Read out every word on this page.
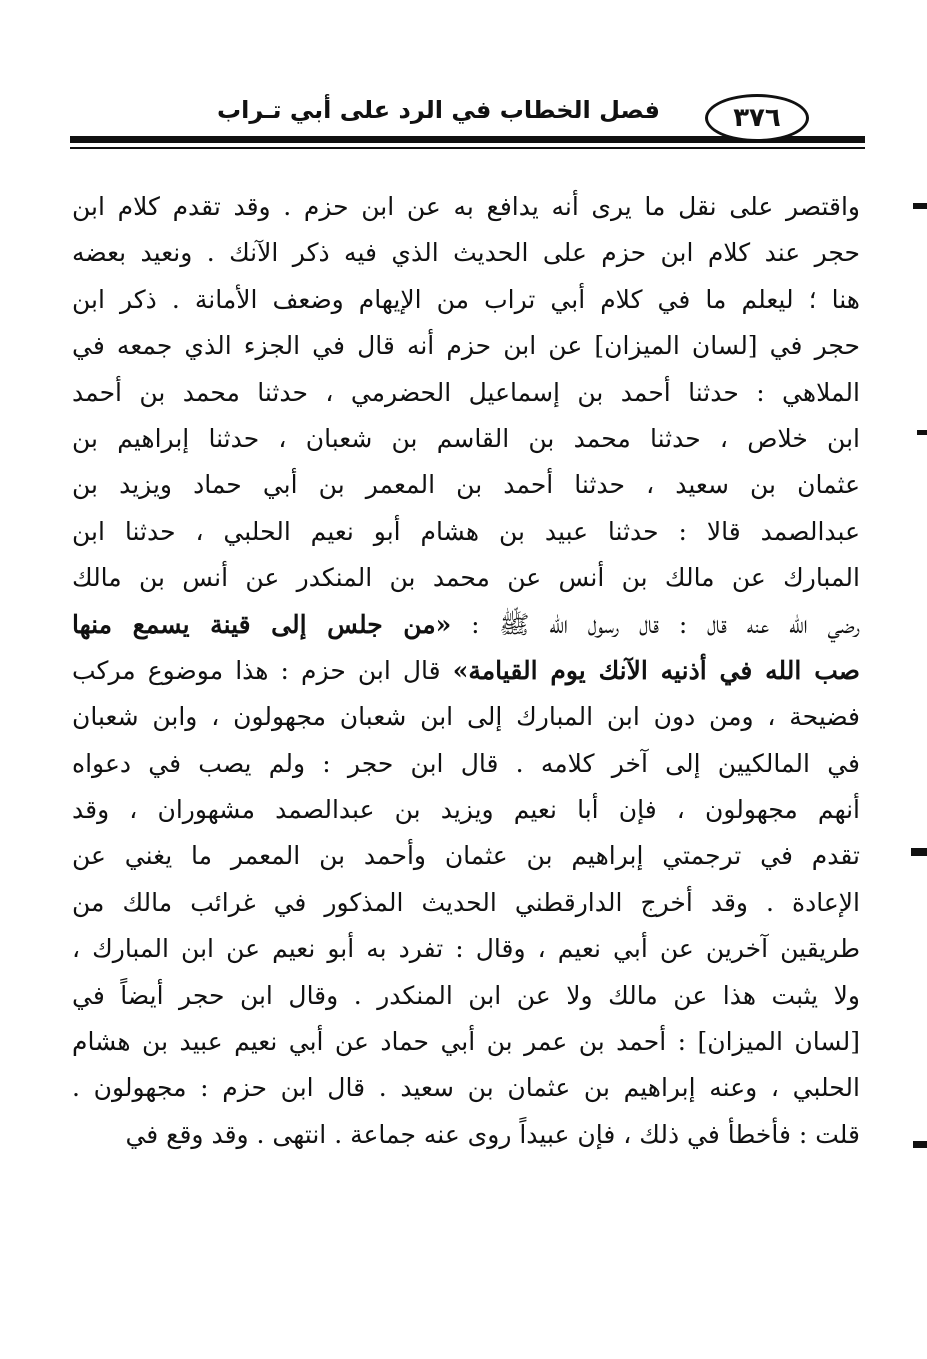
فصل الخطاب في الرد على أبي تـراب	٣٧٦
واقتصر على نقل ما يرى أنه يدافع به عن ابن حزم . وقد تقدم كلام ابن
حجر عند كلام ابن حزم على الحديث الذي فيه ذكر الآنك . ونعيد بعضه
هنا ؛ ليعلم ما في كلام أبي تراب من الإيهام وضعف الأمانة . ذكر ابن
حجر في [لسان الميزان] عن ابن حزم أنه قال في الجزء الذي جمعه في
الملاهي : حدثنا أحمد بن إسماعيل الحضرمي ، حدثنا محمد بن أحمد
ابن خلاص ، حدثنا محمد بن القاسم بن شعبان ، حدثنا إبراهيم بن
عثمان بن سعيد ، حدثنا أحمد بن المعمر بن أبي حماد ويزيد بن
عبدالصمد قالا : حدثنا عبيد بن هشام أبو نعيم الحلبي ، حدثنا ابن
المبارك عن مالك بن أنس عن محمد بن المنكدر عن أنس بن مالك
رضي الله عنه قال : قال رسول الله ﷺ : «من جلس إلى قينة يسمع منها
صب الله في أذنيه الآنك يوم القيامة» قال ابن حزم : هذا موضوع مركب
فضيحة ، ومن دون ابن المبارك إلى ابن شعبان مجهولون ، وابن شعبان
في المالكيين إلى آخر كلامه . قال ابن حجر : ولم يصب في دعواه
أنهم مجهولون ، فإن أبا نعيم ويزيد بن عبدالصمد مشهوران ، وقد
تقدم في ترجمتي إبراهيم بن عثمان وأحمد بن المعمر ما يغني عن
الإعادة . وقد أخرج الدارقطني الحديث المذكور في غرائب مالك من
طريقين آخرين عن أبي نعيم ، وقال : تفرد به أبو نعيم عن ابن المبارك ،
ولا يثبت هذا عن مالك ولا عن ابن المنكدر . وقال ابن حجر أيضاً في
[لسان الميزان] : أحمد بن عمر بن أبي حماد عن أبي نعيم عبيد بن هشام
الحلبي ، وعنه إبراهيم بن عثمان بن سعيد . قال ابن حزم : مجهولون .
قلت : فأخطأ في ذلك ، فإن عبيداً روى عنه جماعة . انتهى . وقد وقع في
